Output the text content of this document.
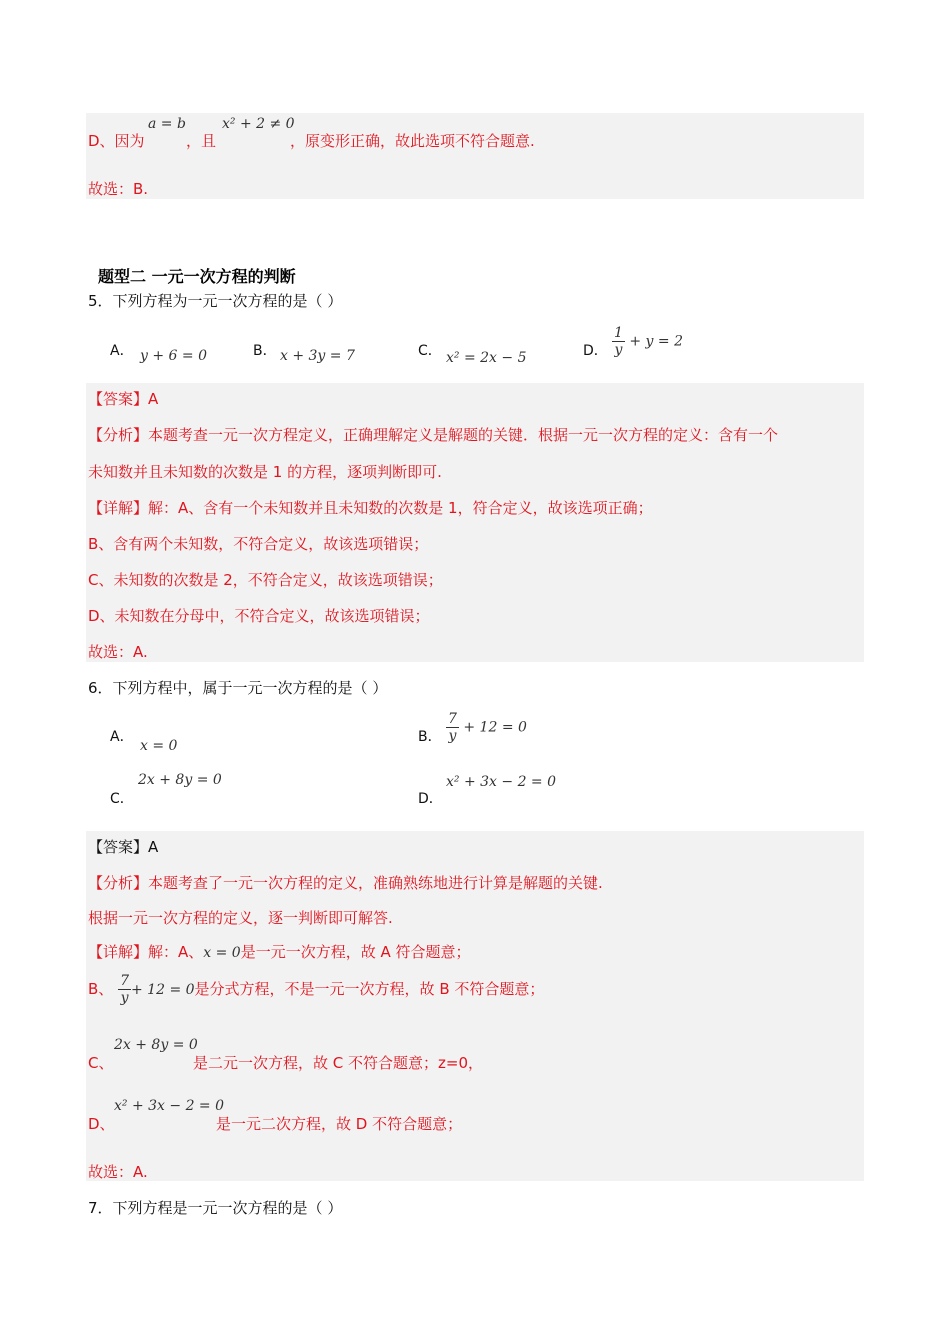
D、因为
a = b
，且
x² + 2 ≠ 0
，原变形正确，故此选项不符合题意.
故选：B.
题型二 一元一次方程的判断
5．下列方程为一元一次方程的是（ ）
A． y + 6 = 0	B． x + 3y = 7	C． x² = 2x − 5	D． $\frac{1}{y} + y = 2$
【答案】A
【分析】本题考查一元一次方程定义，正确理解定义是解题的关键．根据一元一次方程的定义：含有一个
未知数并且未知数的次数是 1 的方程，逐项判断即可.
【详解】解：A、含有一个未知数并且未知数的次数是 1，符合定义，故该选项正确；
B、含有两个未知数，不符合定义，故该选项错误；
C、未知数的次数是 2，不符合定义，故该选项错误；
D、未知数在分母中，不符合定义，故该选项错误；
故选：A.
6．下列方程中，属于一元一次方程的是（ ）
A．
x = 0
B． $\frac{7}{y} + 12 = 0$
2x + 8y = 0
C．
x² + 3x − 2 = 0
D．
【答案】A
【分析】本题考查了一元一次方程的定义，准确熟练地进行计算是解题的关键.
根据一元一次方程的定义，逐一判断即可解答.
【详解】解：A、x = 0是一元一次方程，故 A 符合题意；
B、 $\frac{7}{y} + 12 = 0$是分式方程，不是一元一次方程，故 B 不符合题意；
2x + 8y = 0
C、	是二元一次方程，故 C 不符合题意；z=0，
x² + 3x − 2 = 0
D、	是一元二次方程，故 D 不符合题意；
故选：A.
7．下列方程是一元一次方程的是（ ）
